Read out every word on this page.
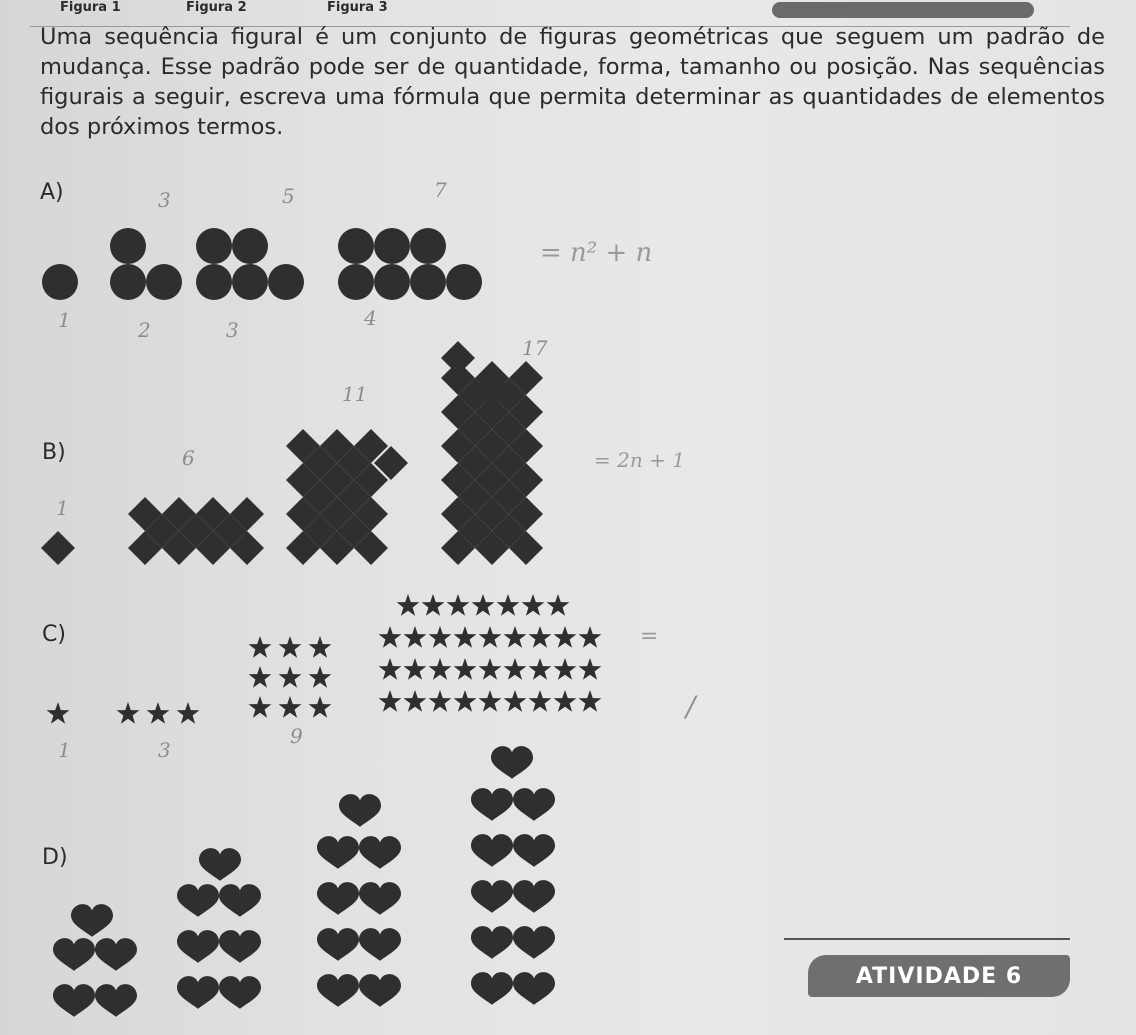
Figura 1	Figura 2	Figura 3

Uma sequência figural é um conjunto de figuras geométricas que seguem um padrão de mudança. Esse padrão pode ser de quantidade, forma, tamanho ou posição. Nas sequências figurais a seguir, escreva uma fórmula que permita determinar as quantidades de elementos dos próximos termos.

A)
B)
C)
D)
3	5	7
1	2	3	4
= n² + n
1
6
11
17
= 2n + 1
1	3
9
=
/
ATIVIDADE 6
